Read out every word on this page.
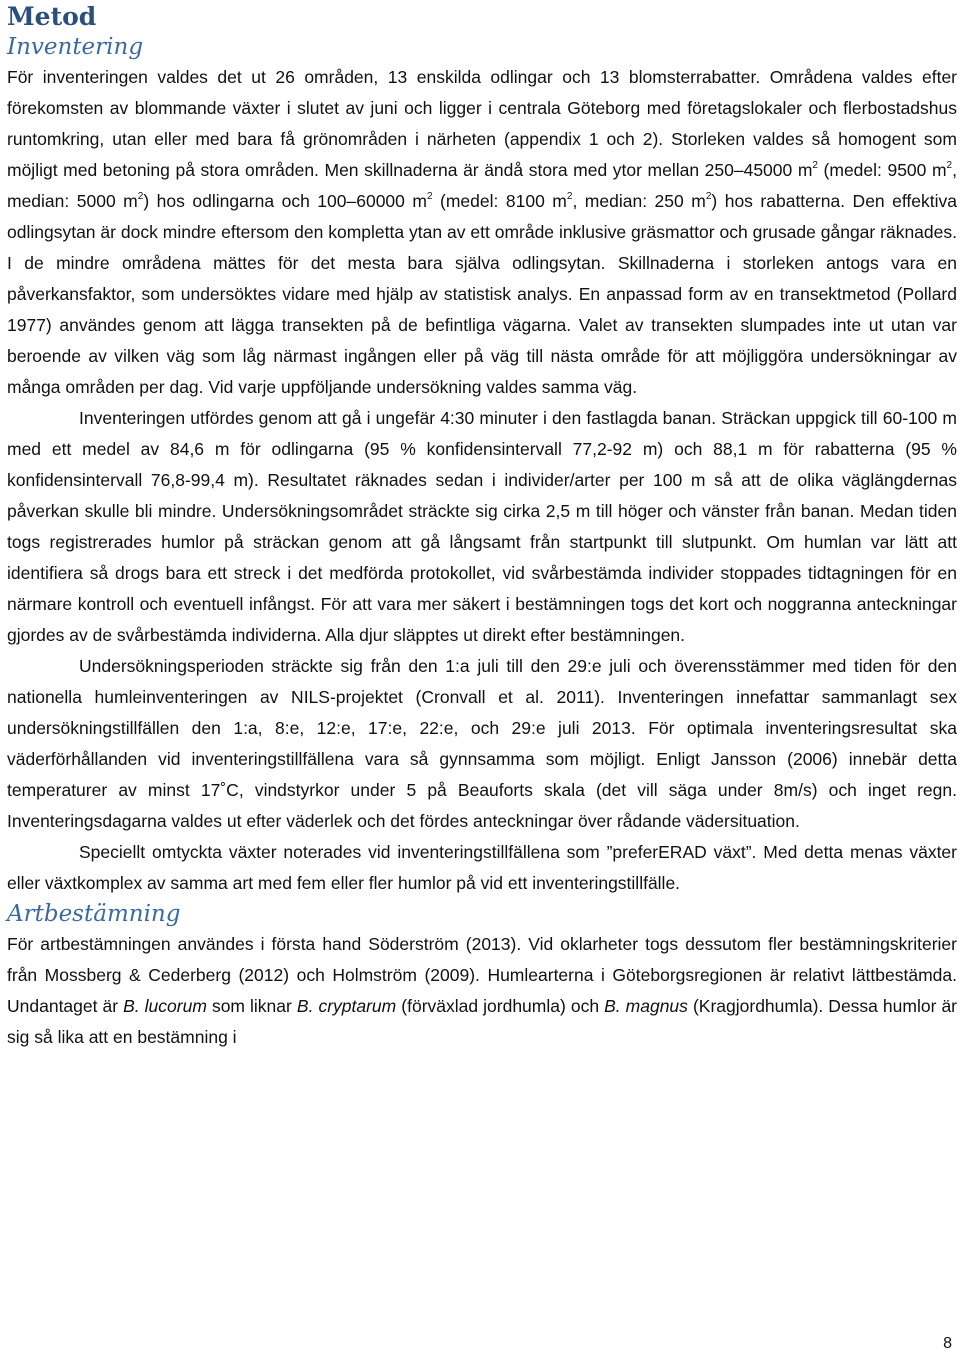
Metod
Inventering

För inventeringen valdes det ut 26 områden, 13 enskilda odlingar och 13 blomsterrabatter. Områdena valdes efter förekomsten av blommande växter i slutet av juni och ligger i centrala Göteborg med företagslokaler och flerbostadshus runtomkring, utan eller med bara få grönområden i närheten (appendix 1 och 2). Storleken valdes så homogent som möjligt med betoning på stora områden. Men skillnaderna är ändå stora med ytor mellan 250–45000 $m^2$ (medel: 9500 $m^2$, median: 5000 $m^2$) hos odlingarna och 100–60000 $m^2$ (medel: 8100 $m^2$, median: 250 $m^2$) hos rabatterna. Den effektiva odlingsytan är dock mindre eftersom den kompletta ytan av ett område inklusive gräsmattor och grusade gångar räknades. I de mindre områdena mättes för det mesta bara själva odlingsytan. Skillnaderna i storleken antogs vara en påverkansfaktor, som undersöktes vidare med hjälp av statistisk analys. En anpassad form av en transektmetod (Pollard 1977) användes genom att lägga transekten på de befintliga vägarna. Valet av transekten slumpades inte ut utan var beroende av vilken väg som låg närmast ingången eller på väg till nästa område för att möjliggöra undersökningar av många områden per dag. Vid varje uppföljande undersökning valdes samma väg.

Inventeringen utfördes genom att gå i ungefär 4:30 minuter i den fastlagda banan. Sträckan uppgick till 60-100 m med ett medel av 84,6 m för odlingarna (95 % konfidensintervall 77,2-92 m) och 88,1 m för rabatterna (95 % konfidensintervall 76,8-99,4 m). Resultatet räknades sedan i individer/arter per 100 m så att de olika väglängdernas påverkan skulle bli mindre. Undersökningsområdet sträckte sig cirka 2,5 m till höger och vänster från banan. Medan tiden togs registrerades humlor på sträckan genom att gå långsamt från startpunkt till slutpunkt. Om humlan var lätt att identifiera så drogs bara ett streck i det medförda protokollet, vid svårbestämda individer stoppades tidtagningen för en närmare kontroll och eventuell infångst. För att vara mer säkert i bestämningen togs det kort och noggranna anteckningar gjordes av de svårbestämda individerna. Alla djur släpptes ut direkt efter bestämningen.

Undersökningsperioden sträckte sig från den 1:a juli till den 29:e juli och överensstämmer med tiden för den nationella humleinventeringen av NILS-projektet (Cronvall et al. 2011). Inventeringen innefattar sammanlagt sex undersökningstillfällen den 1:a, 8:e, 12:e, 17:e, 22:e, och 29:e juli 2013. För optimala inventeringsresultat ska väderförhållanden vid inventeringstillfällena vara så gynnsamma som möjligt. Enligt Jansson (2006) innebär detta temperaturer av minst 17˚C, vindstyrkor under 5 på Beauforts skala (det vill säga under 8m/s) och inget regn. Inventeringsdagarna valdes ut efter väderlek och det fördes anteckningar över rådande vädersituation.

Speciellt omtyckta växter noterades vid inventeringstillfällena som ”preferERAD växt”. Med detta menas växter eller växtkomplex av samma art med fem eller fler humlor på vid ett inventeringstillfälle.

Artbestämning

För artbestämningen användes i första hand Söderström (2013). Vid oklarheter togs dessutom fler bestämningskriterier från Mossberg & Cederberg (2012) och Holmström (2009). Humlearterna i Göteborgsregionen är relativt lättbestämda. Undantaget är B. lucorum som liknar B. cryptarum (förväxlad jordhumla) och B. magnus (Kragjordhumla). Dessa humlor är sig så lika att en bestämning i

8
